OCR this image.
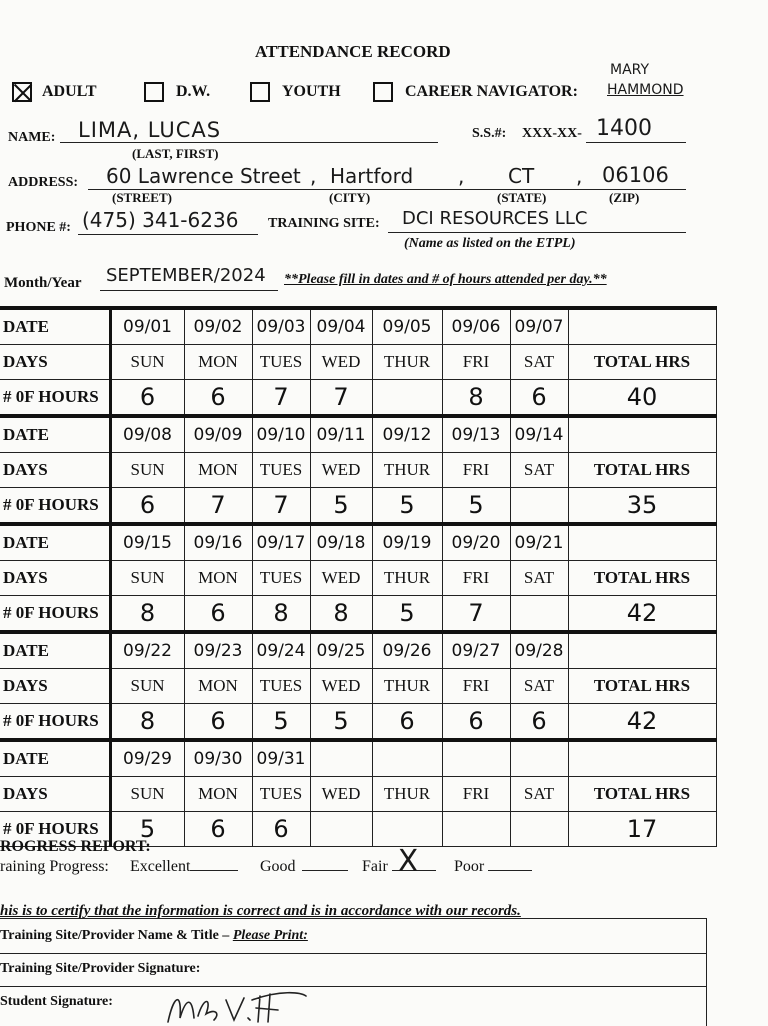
ATTENDANCE RECORD
MARY
HAMMOND
ADULT	D.W.	YOUTH	CAREER NAVIGATOR:
NAME: LIMA, LUCAS
(LAST, FIRST)
S.S.#: XXX-XX- 1400
ADDRESS: 60 Lawrence Street , Hartford , CT , 06106
(STREET)	(CITY)	(STATE)	(ZIP)
PHONE #: (475) 341-6236 TRAINING SITE: DCI RESOURCES LLC
(Name as listed on the ETPL)
Month/Year SEPTEMBER/2024 **Please fill in dates and # of hours attended per day.**
DATE	09/01	09/02	09/03	09/04	09/05	09/06	09/07	
DAYS	SUN	MON	TUES	WED	THUR	FRI	SAT	TOTAL HRS
# 0F HOURS	6	6	7	7		8	6	40
DATE	09/08	09/09	09/10	09/11	09/12	09/13	09/14	
DAYS	SUN	MON	TUES	WED	THUR	FRI	SAT	TOTAL HRS
# 0F HOURS	6	7	7	5	5	5		35
DATE	09/15	09/16	09/17	09/18	09/19	09/20	09/21	
DAYS	SUN	MON	TUES	WED	THUR	FRI	SAT	TOTAL HRS
# 0F HOURS	8	6	8	8	5	7		42
DATE	09/22	09/23	09/24	09/25	09/26	09/27	09/28	
DAYS	SUN	MON	TUES	WED	THUR	FRI	SAT	TOTAL HRS
# 0F HOURS	8	6	5	5	6	6	6	42
DATE	09/29	09/30	09/31					
DAYS	SUN	MON	TUES	WED	THUR	FRI	SAT	TOTAL HRS
# 0F HOURS	5	6	6					17
ROGRESS REPORT:
raining Progress: Excellent	Good	Fair X Poor
his is to certify that the information is correct and is in accordance with our records.
Training Site/Provider Name & Title – Please Print:
Training Site/Provider Signature:
Student Signature:
